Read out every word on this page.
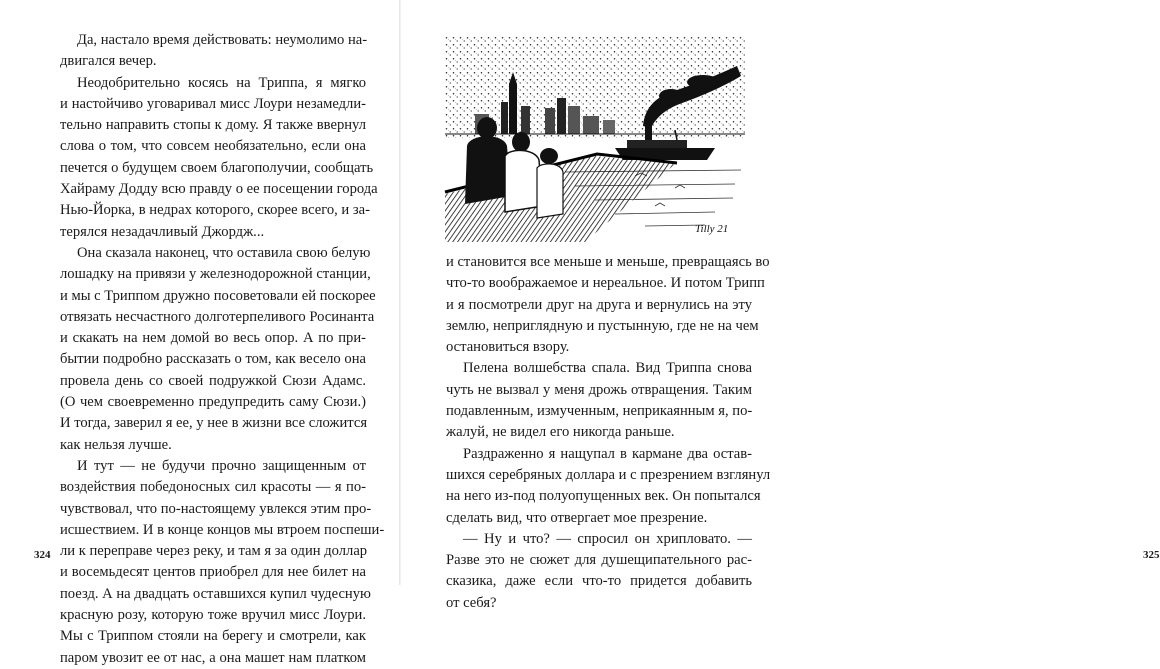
Да, настало время действовать: неумолимо на-
двигался вечер.
Неодобрительно косясь на Триппа, я мягко
и настойчиво уговаривал мисс Лоури незамедли-
тельно направить стопы к дому. Я также ввернул
слова о том, что совсем необязательно, если она
печется о будущем своем благополучии, сообщать
Хайраму Додду всю правду о ее посещении города
Нью-Йорка, в недрах которого, скорее всего, и за-
терялся незадачливый Джордж...
Она сказала наконец, что оставила свою белую
лошадку на привязи у железнодорожной станции,
и мы с Триппом дружно посоветовали ей поскорее
отвязать несчастного долготерпеливого Росинанта
и скакать на нем домой во весь опор. А по при-
бытии подробно рассказать о том, как весело она
провела день со своей подружкой Сюзи Адамс.
(О чем своевременно предупредить саму Сюзи.)
И тогда, заверил я ее, у нее в жизни все сложится
как нельзя лучше.
И тут — не будучи прочно защищенным от
воздействия победоносных сил красоты — я по-
чувствовал, что по-настоящему увлекся этим про-
исшествием. И в конце концов мы втроем поспеши-
ли к переправе через реку, и там я за один доллар
и восемьдесят центов приобрел для нее билет на
поезд. А на двадцать оставшихся купил чудесную
красную розу, которую тоже вручил мисс Лоури.
Мы с Триппом стояли на берегу и смотрели, как
паром увозит ее от нас, а она машет нам платком
324	325
Tilly 21
и становится все меньше и меньше, превращаясь во
что-то воображаемое и нереальное. И потом Трипп
и я посмотрели друг на друга и вернулись на эту
землю, неприглядную и пустынную, где не на чем
остановиться взору.
Пелена волшебства спала. Вид Триппа снова
чуть не вызвал у меня дрожь отвращения. Таким
подавленным, измученным, неприкаянным я, по-
жалуй, не видел его никогда раньше.
Раздраженно я нащупал в кармане два остав-
шихся серебряных доллара и с презрением взглянул
на него из-под полуопущенных век. Он попытался
сделать вид, что отвергает мое презрение.
— Ну и что? — спросил он хрипловато. —
Разве это не сюжет для душещипательного рас-
сказика, даже если что-то придется добавить
от себя?
